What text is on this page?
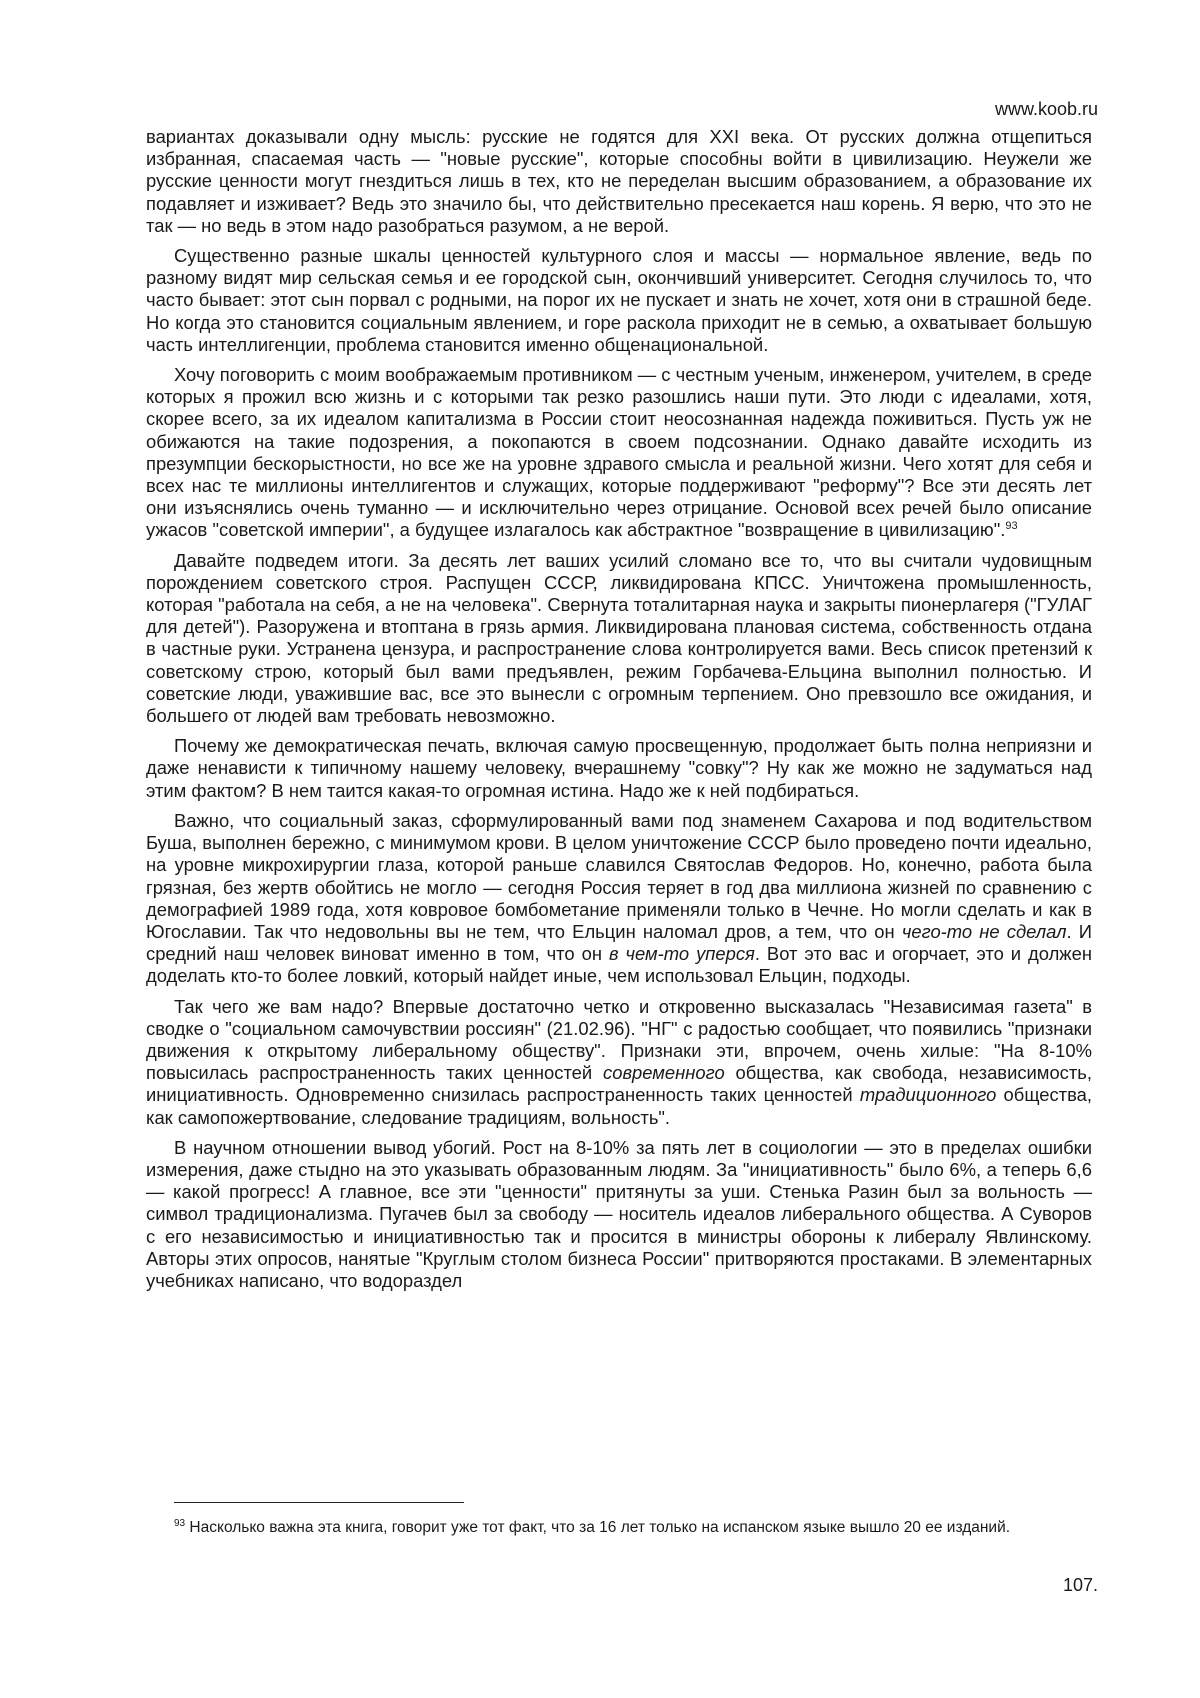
www.koob.ru

вариантах доказывали одну мысль: русские не годятся для XXI века. От русских должна отщепиться избранная, спасаемая часть — "новые русские", которые способны войти в цивилизацию. Неужели же русские ценности могут гнездиться лишь в тех, кто не переделан высшим образованием, а образование их подавляет и изживает? Ведь это значило бы, что действительно пресекается наш корень. Я верю, что это не так — но ведь в этом надо разобраться разумом, а не верой.

Существенно разные шкалы ценностей культурного слоя и массы — нормальное явление, ведь по разному видят мир сельская семья и ее городской сын, окончивший университет. Сегодня случилось то, что часто бывает: этот сын порвал с родными, на порог их не пускает и знать не хочет, хотя они в страшной беде. Но когда это становится социальным явлением, и горе раскола приходит не в семью, а охватывает большую часть интеллигенции, проблема становится именно общенациональной.

Хочу поговорить с моим воображаемым противником — с честным ученым, инженером, учителем, в среде которых я прожил всю жизнь и с которыми так резко разошлись наши пути. Это люди с идеалами, хотя, скорее всего, за их идеалом капитализма в России стоит неосознанная надежда поживиться. Пусть уж не обижаются на такие подозрения, а покопаются в своем подсознании. Однако давайте исходить из презумпции бескорыстности, но все же на уровне здравого смысла и реальной жизни. Чего хотят для себя и всех нас те миллионы интеллигентов и служащих, которые поддерживают "реформу"? Все эти десять лет они изъяснялись очень туманно — и исключительно через отрицание. Основой всех речей было описание ужасов "советской империи", а будущее излагалось как абстрактное "возвращение в цивилизацию".$^{93}$

Давайте подведем итоги. За десять лет ваших усилий сломано все то, что вы считали чудовищным порождением советского строя. Распущен СССР, ликвидирована КПСС. Уничтожена промышленность, которая "работала на себя, а не на человека". Свернута тоталитарная наука и закрыты пионерлагеря ("ГУЛАГ для детей"). Разоружена и втоптана в грязь армия. Ликвидирована плановая система, собственность отдана в частные руки. Устранена цензура, и распространение слова контролируется вами. Весь список претензий к советскому строю, который был вами предъявлен, режим Горбачева-Ельцина выполнил полностью. И советские люди, уважившие вас, все это вынесли с огромным терпением. Оно превзошло все ожидания, и большего от людей вам требовать невозможно.

Почему же демократическая печать, включая самую просвещенную, продолжает быть полна неприязни и даже ненависти к типичному нашему человеку, вчерашнему "совку"? Ну как же можно не задуматься над этим фактом? В нем таится какая-то огромная истина. Надо же к ней подбираться.

Важно, что социальный заказ, сформулированный вами под знаменем Сахарова и под водительством Буша, выполнен бережно, с минимумом крови. В целом уничтожение СССР было проведено почти идеально, на уровне микрохирургии глаза, которой раньше славился Святослав Федоров. Но, конечно, работа была грязная, без жертв обойтись не могло — сегодня Россия теряет в год два миллиона жизней по сравнению с демографией 1989 года, хотя ковровое бомбометание применяли только в Чечне. Но могли сделать и как в Югославии. Так что недовольны вы не тем, что Ельцин наломал дров, а тем, что он чего-то не сделал. И средний наш человек виноват именно в том, что он в чем-то уперся. Вот это вас и огорчает, это и должен доделать кто-то более ловкий, который найдет иные, чем использовал Ельцин, подходы.

Так чего же вам надо? Впервые достаточно четко и откровенно высказалась "Независимая газета" в сводке о "социальном самочувствии россиян" (21.02.96). "НГ" с радостью сообщает, что появились "признаки движения к открытому либеральному обществу". Признаки эти, впрочем, очень хилые: "На 8-10% повысилась распространенность таких ценностей современного общества, как свобода, независимость, инициативность. Одновременно снизилась распространенность таких ценностей традиционного общества, как самопожертвование, следование традициям, вольность".

В научном отношении вывод убогий. Рост на 8-10% за пять лет в социологии — это в пределах ошибки измерения, даже стыдно на это указывать образованным людям. За "инициативность" было 6%, а теперь 6,6 — какой прогресс! А главное, все эти "ценности" притянуты за уши. Стенька Разин был за вольность — символ традиционализма. Пугачев был за свободу — носитель идеалов либерального общества. А Суворов с его независимостью и инициативностью так и просится в министры обороны к либералу Явлинскому. Авторы этих опросов, нанятые "Круглым столом бизнеса России" притворяются простаками. В элементарных учебниках написано, что водораздел

$^{93}$ Насколько важна эта книга, говорит уже тот факт, что за 16 лет только на испанском языке вышло 20 ее изданий.
107.
